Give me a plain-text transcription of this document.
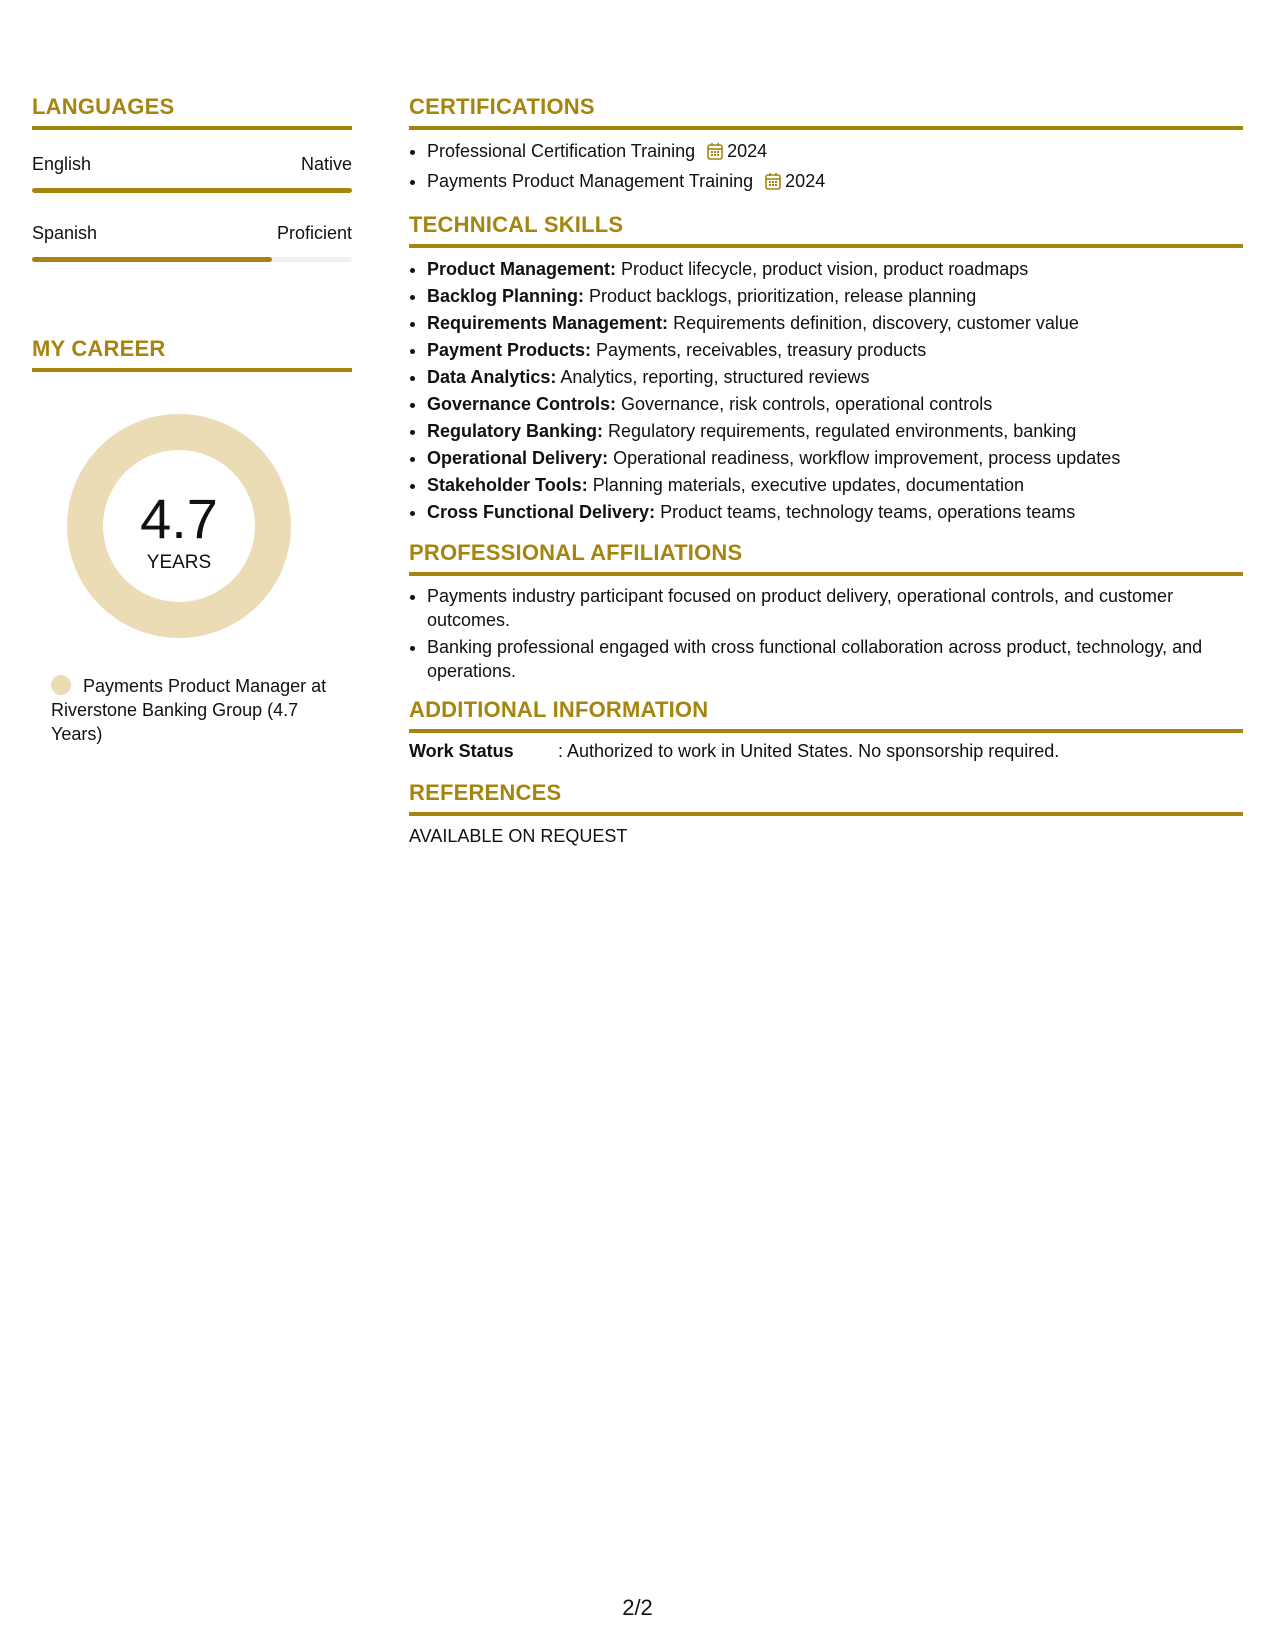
LANGUAGES
English	Native
Spanish	Proficient
MY CAREER
4.7
YEARS
Payments Product Manager at Riverstone Banking Group (4.7 Years)
CERTIFICATIONS
• Professional Certification Training 2024
• Payments Product Management Training 2024
TECHNICAL SKILLS
• Product Management: Product lifecycle, product vision, product roadmaps
• Backlog Planning: Product backlogs, prioritization, release planning
• Requirements Management: Requirements definition, discovery, customer value
• Payment Products: Payments, receivables, treasury products
• Data Analytics: Analytics, reporting, structured reviews
• Governance Controls: Governance, risk controls, operational controls
• Regulatory Banking: Regulatory requirements, regulated environments, banking
• Operational Delivery: Operational readiness, workflow improvement, process updates
• Stakeholder Tools: Planning materials, executive updates, documentation
• Cross Functional Delivery: Product teams, technology teams, operations teams
PROFESSIONAL AFFILIATIONS
• Payments industry participant focused on product delivery, operational controls, and customer outcomes.
• Banking professional engaged with cross functional collaboration across product, technology, and operations.
ADDITIONAL INFORMATION
Work Status	: Authorized to work in United States. No sponsorship required.
REFERENCES
AVAILABLE ON REQUEST
2/2
